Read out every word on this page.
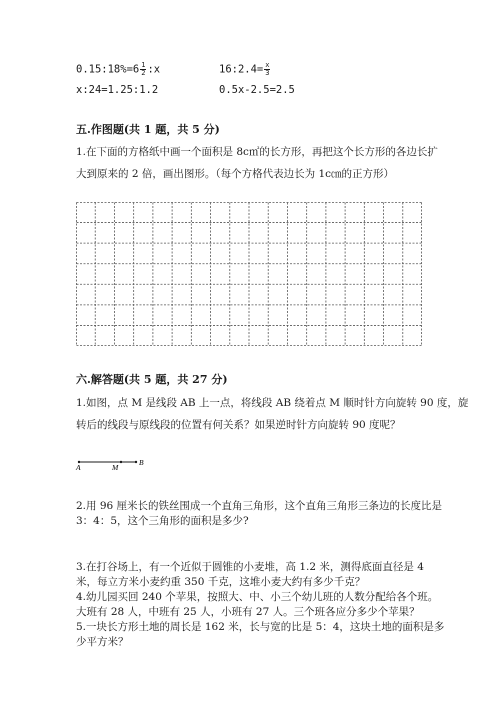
0.15:18%=6 $\frac{1}{2}$ :x	16:2.4= $\frac{x}{3}$
x:24=1.25:1.2	0.5x-2.5=2.5
五.作图题(共 1 题，共 5 分)
1.在下面的方格纸中画一个面积是 8c㎡的长方形，再把这个长方形的各边长扩
大到原来的 2 倍，画出图形。（每个方格代表边长为 1c㎝的正方形）
六.解答题(共 5 题，共 27 分)
1.如图，点 M 是线段 AB 上一点，将线段 AB 绕着点 M 顺时针方向旋转 90 度，旋
转后的线段与原线段的位置有何关系？如果逆时针方向旋转 90 度呢？
A	M
B
2.用 96 厘米长的铁丝围成一个直角三角形，这个直角三角形三条边的长度比是
3：4：5，这个三角形的面积是多少?
3.在打谷场上，有一个近似于圆锥的小麦堆，高 1.2 米，测得底面直径是 4
米，每立方米小麦约重 350 千克，这堆小麦大约有多少千克？
4.幼儿园买回 240 个苹果，按照大、中、小三个幼儿班的人数分配给各个班。
大班有 28 人，中班有 25 人，小班有 27 人。三个班各应分多少个苹果？
5.一块长方形土地的周长是 162 米，长与宽的比是 5：4，这块土地的面积是多
少平方米？
